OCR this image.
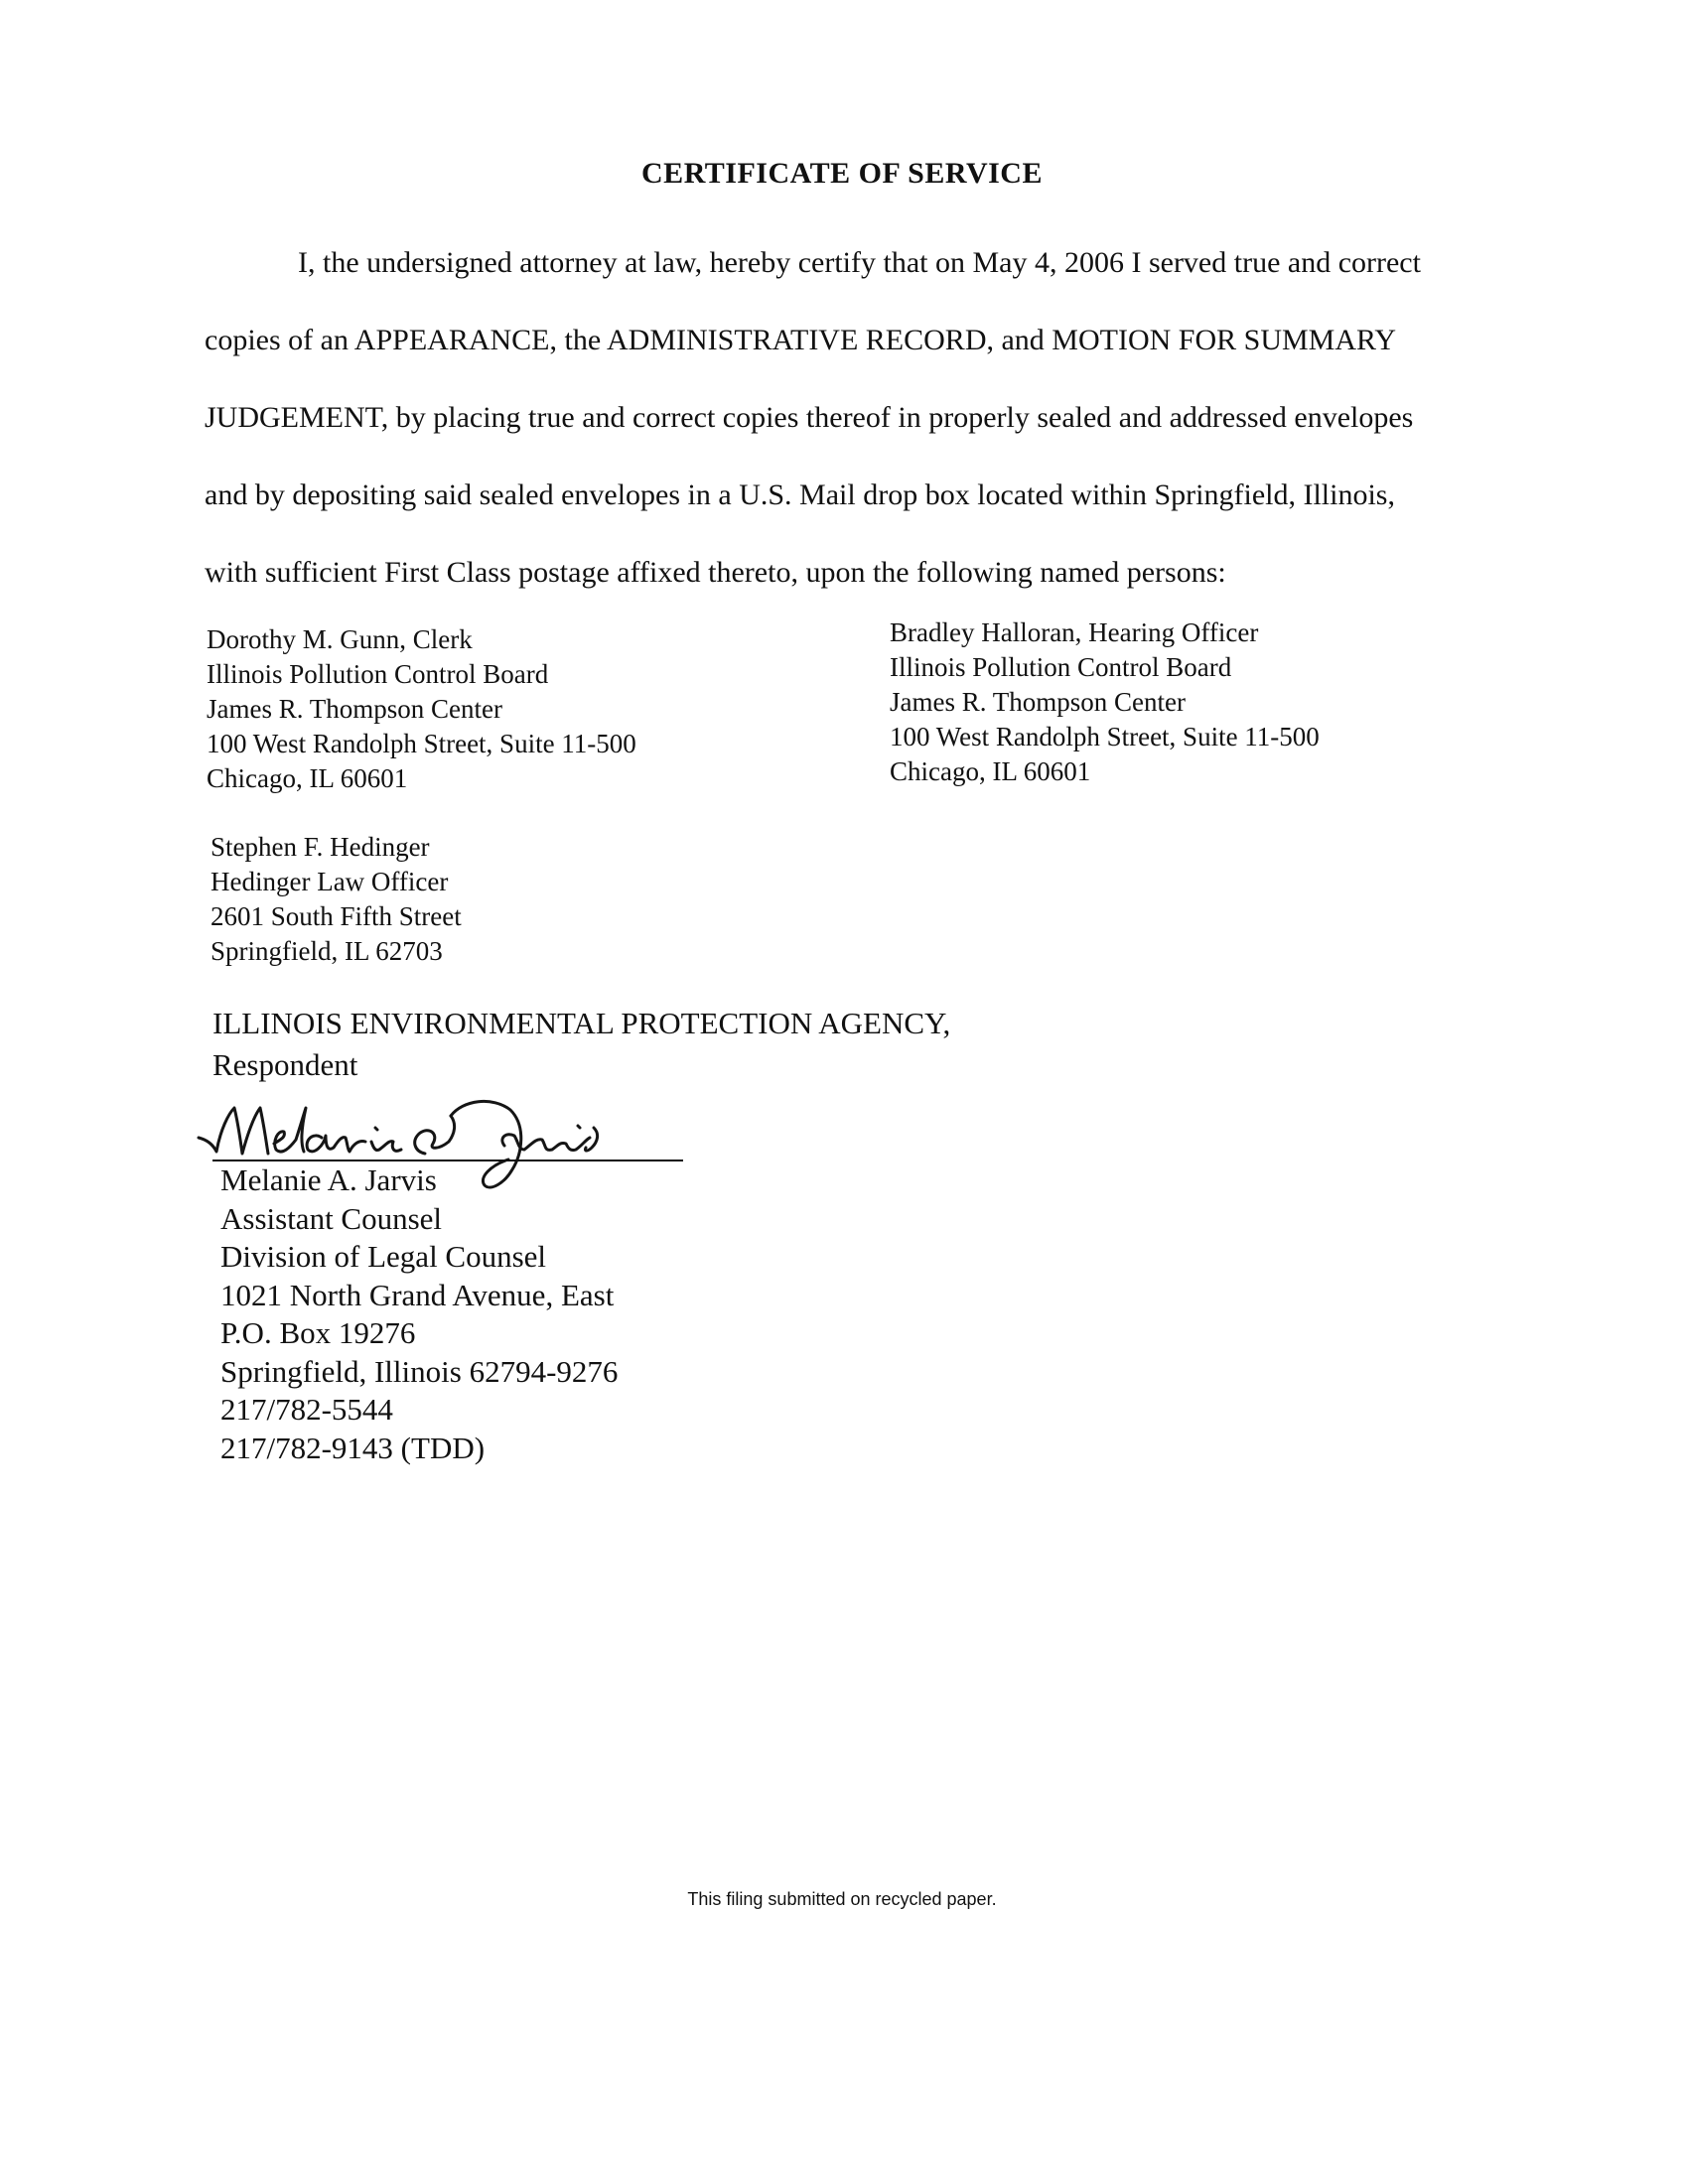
CERTIFICATE OF SERVICE
I, the undersigned attorney at law, hereby certify that on May 4, 2006 I served true and correct
copies of an APPEARANCE, the ADMINISTRATIVE RECORD, and MOTION FOR SUMMARY
JUDGEMENT, by placing true and correct copies thereof in properly sealed and addressed envelopes
and by depositing said sealed envelopes in a U.S. Mail drop box located within Springfield, Illinois,
with sufficient First Class postage affixed thereto, upon the following named persons:
Dorothy M. Gunn, Clerk
Illinois Pollution Control Board
James R. Thompson Center
100 West Randolph Street, Suite 11-500
Chicago, IL 60601
Bradley Halloran, Hearing Officer
Illinois Pollution Control Board
James R. Thompson Center
100 West Randolph Street, Suite 11-500
Chicago, IL 60601
Stephen F. Hedinger
Hedinger Law Officer
2601 South Fifth Street
Springfield, IL 62703
ILLINOIS ENVIRONMENTAL PROTECTION AGENCY,
Respondent
Melanie A. Jarvis
Assistant Counsel
Division of Legal Counsel
1021 North Grand Avenue, East
P.O. Box 19276
Springfield, Illinois 62794-9276
217/782-5544
217/782-9143 (TDD)
This filing submitted on recycled paper.
